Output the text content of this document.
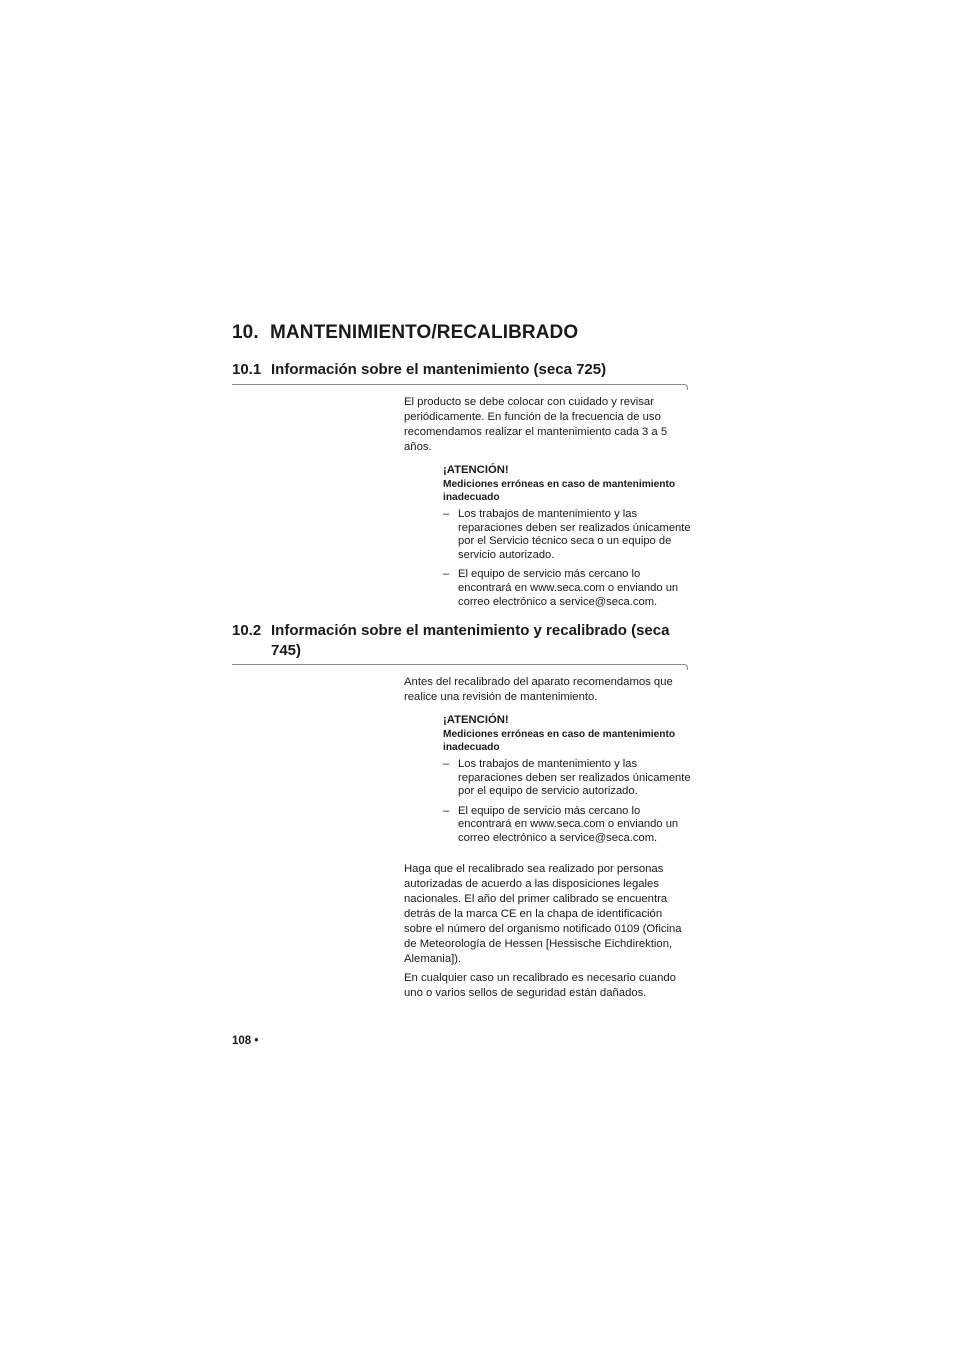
10. MANTENIMIENTO/RECALIBRADO
10.1 Información sobre el mantenimiento (seca 725)
El producto se debe colocar con cuidado y revisar periódicamente. En función de la frecuencia de uso recomendamos realizar el mantenimiento cada 3 a 5 años.
¡ATENCIÓN!
Mediciones erróneas en caso de mantenimiento inadecuado
– Los trabajos de mantenimiento y las reparaciones deben ser realizados únicamente por el Servicio técnico seca o un equipo de servicio autorizado.
– El equipo de servicio más cercano lo encontrará en www.seca.com o enviando un correo electrónico a service@seca.com.
10.2 Información sobre el mantenimiento y recalibrado (seca 745)
Antes del recalibrado del aparato recomendamos que realice una revisión de mantenimiento.
¡ATENCIÓN!
Mediciones erróneas en caso de mantenimiento inadecuado
– Los trabajos de mantenimiento y las reparaciones deben ser realizados únicamente por el equipo de servicio autorizado.
– El equipo de servicio más cercano lo encontrará en www.seca.com o enviando un correo electrónico a service@seca.com.
Haga que el recalibrado sea realizado por personas autorizadas de acuerdo a las disposiciones legales nacionales. El año del primer calibrado se encuentra detrás de la marca CE en la chapa de identificación sobre el número del organismo notificado 0109 (Oficina de Meteorología de Hessen [Hessische Eichdirektion, Alemania]).
En cualquier caso un recalibrado es necesario cuando uno o varios sellos de seguridad están dañados.
108 •
